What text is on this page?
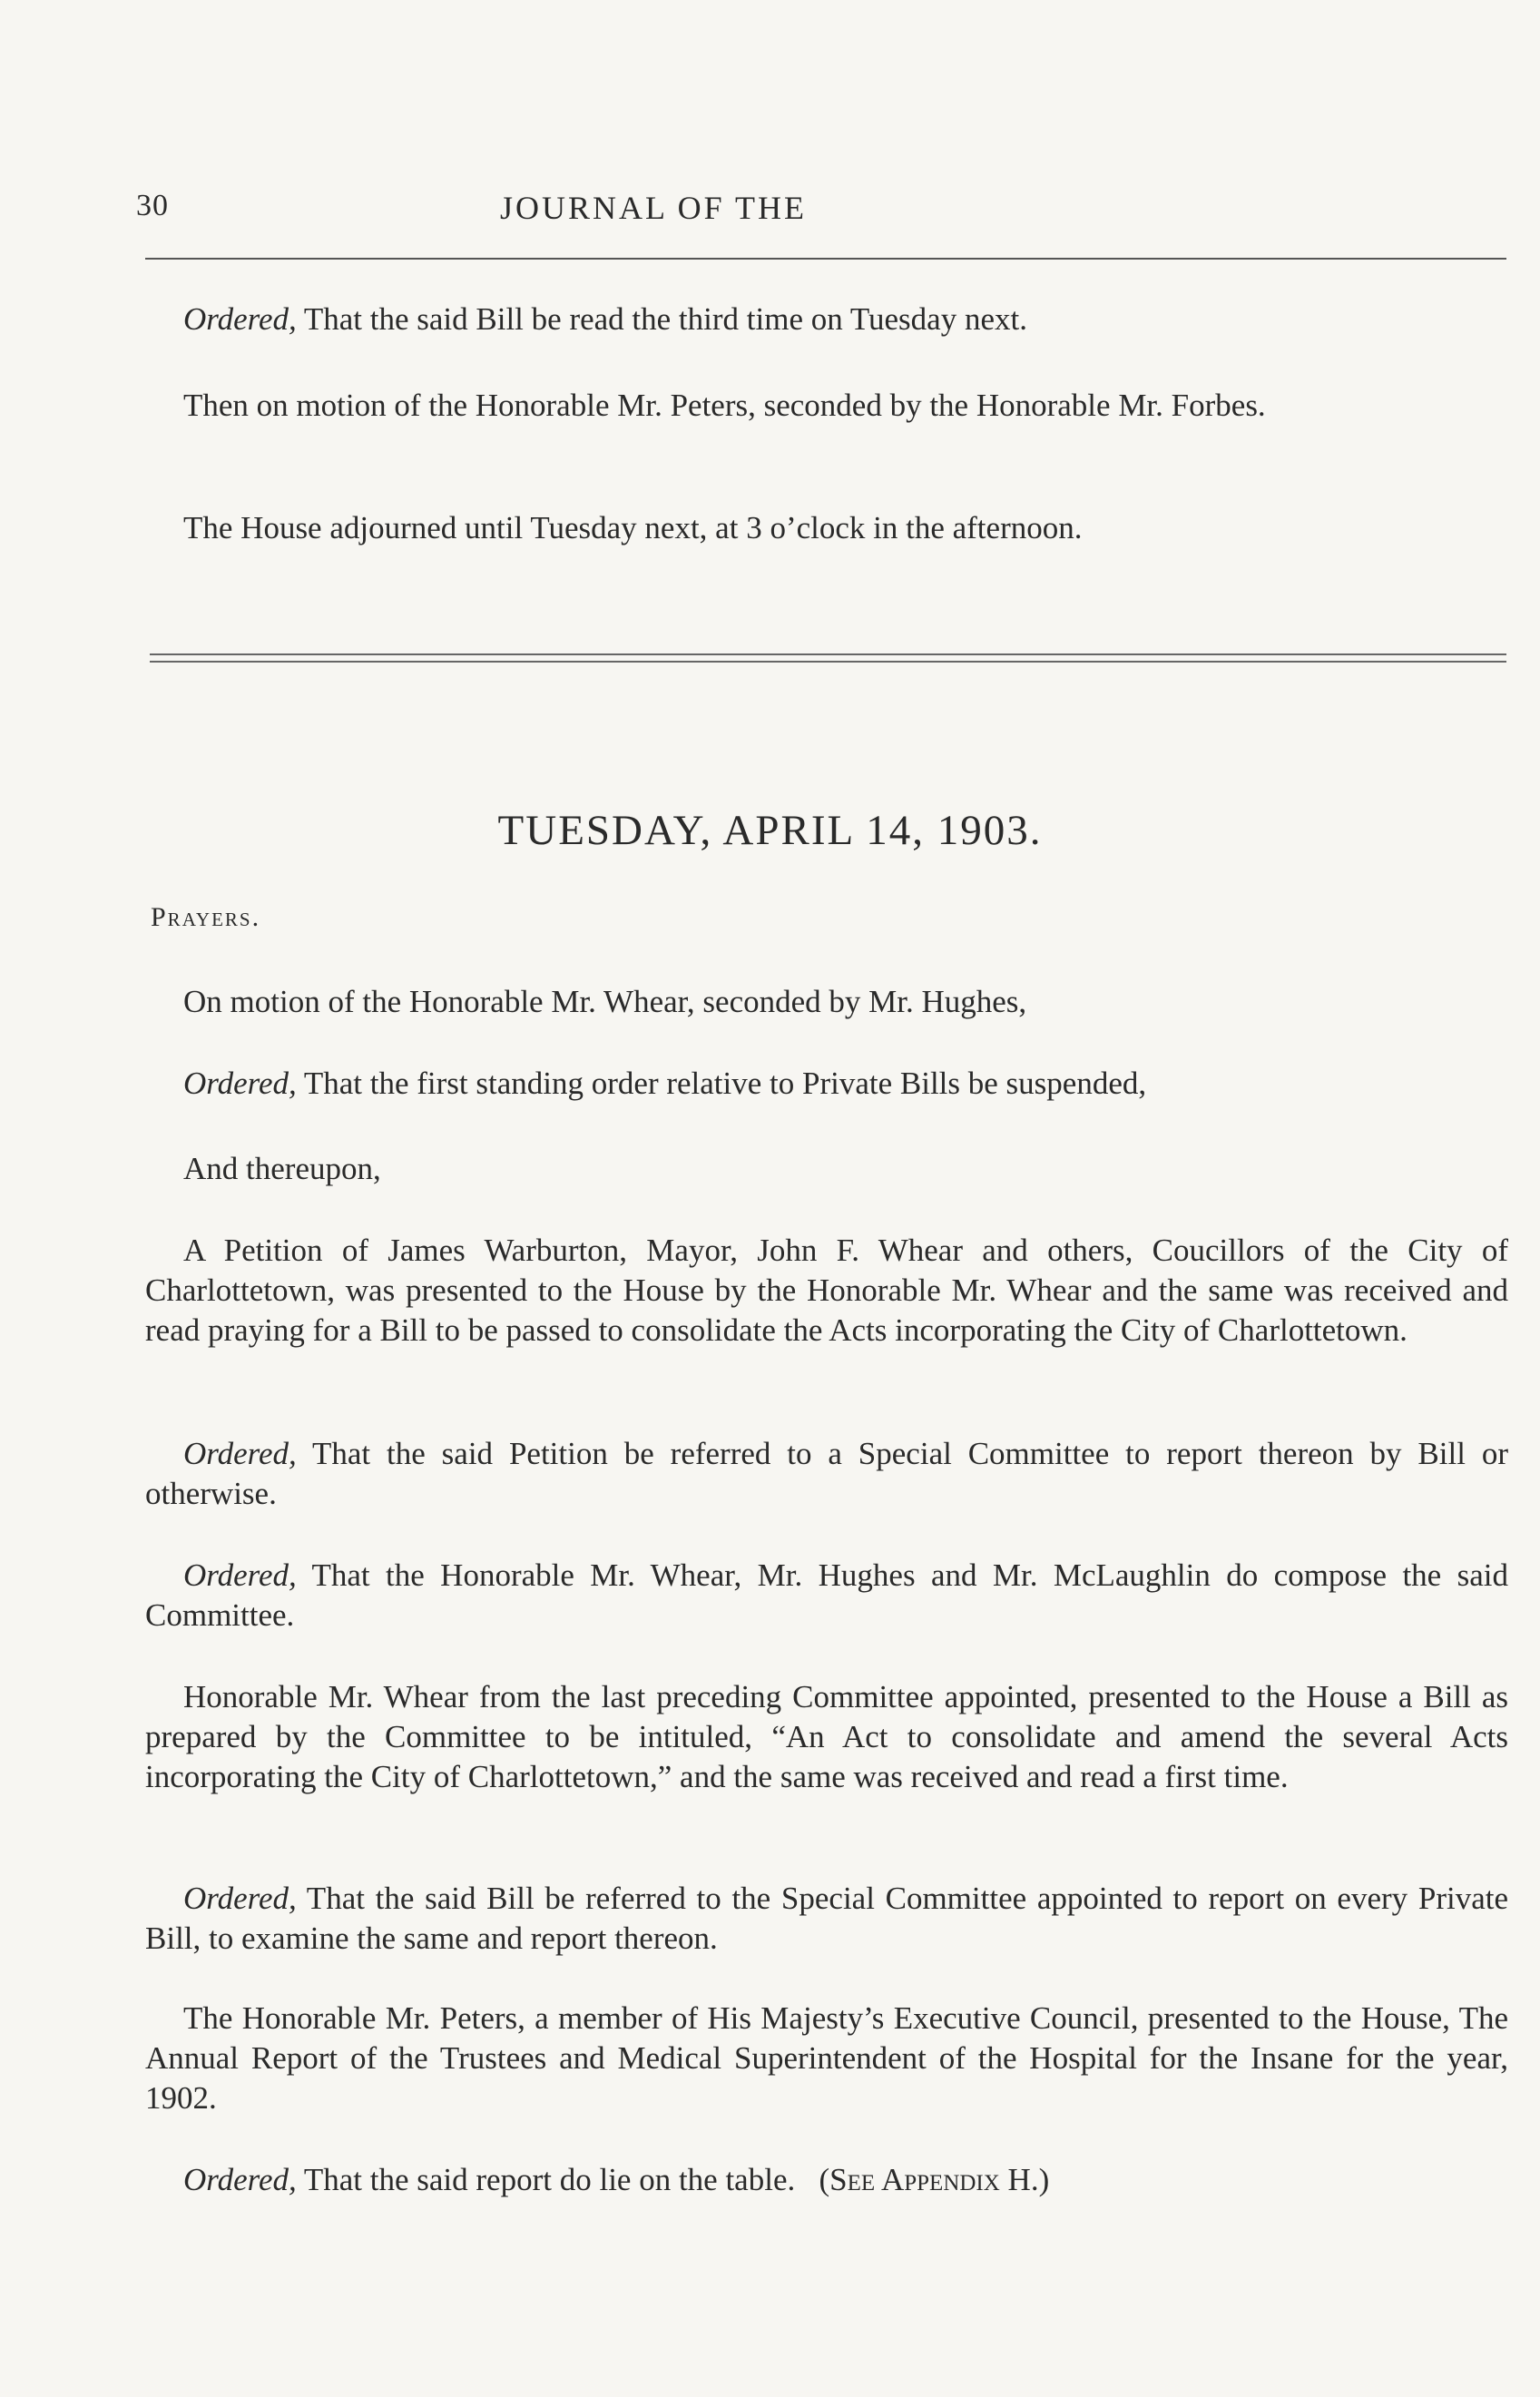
30	JOURNAL OF THE
Ordered, That the said Bill be read the third time on Tuesday next.
Then on motion of the Honorable Mr. Peters, seconded by the Honorable Mr. Forbes.
The House adjourned until Tuesday next, at 3 o’clock in the afternoon.
TUESDAY, APRIL 14, 1903.
Prayers.
On motion of the Honorable Mr. Whear, seconded by Mr. Hughes,
Ordered, That the first standing order relative to Private Bills be suspended,
And thereupon,
A Petition of James Warburton, Mayor, John F. Whear and others, Coucillors of the City of Charlottetown, was presented to the House by the Honorable Mr. Whear and the same was received and read praying for a Bill to be passed to consolidate the Acts incorporating the City of Charlottetown.
Ordered, That the said Petition be referred to a Special Committee to report thereon by Bill or otherwise.
Ordered, That the Honorable Mr. Whear, Mr. Hughes and Mr. McLaughlin do compose the said Committee.
Honorable Mr. Whear from the last preceding Committee appointed, presented to the House a Bill as prepared by the Committee to be intituled, “An Act to consolidate and amend the several Acts incorporating the City of Charlottetown,” and the same was received and read a first time.
Ordered, That the said Bill be referred to the Special Committee appointed to report on every Private Bill, to examine the same and report thereon.
The Honorable Mr. Peters, a member of His Majesty’s Executive Council, presented to the House, The Annual Report of the Trustees and Medical Superintendent of the Hospital for the Insane for the year, 1902.
Ordered, That the said report do lie on the table. (See Appendix H.)
